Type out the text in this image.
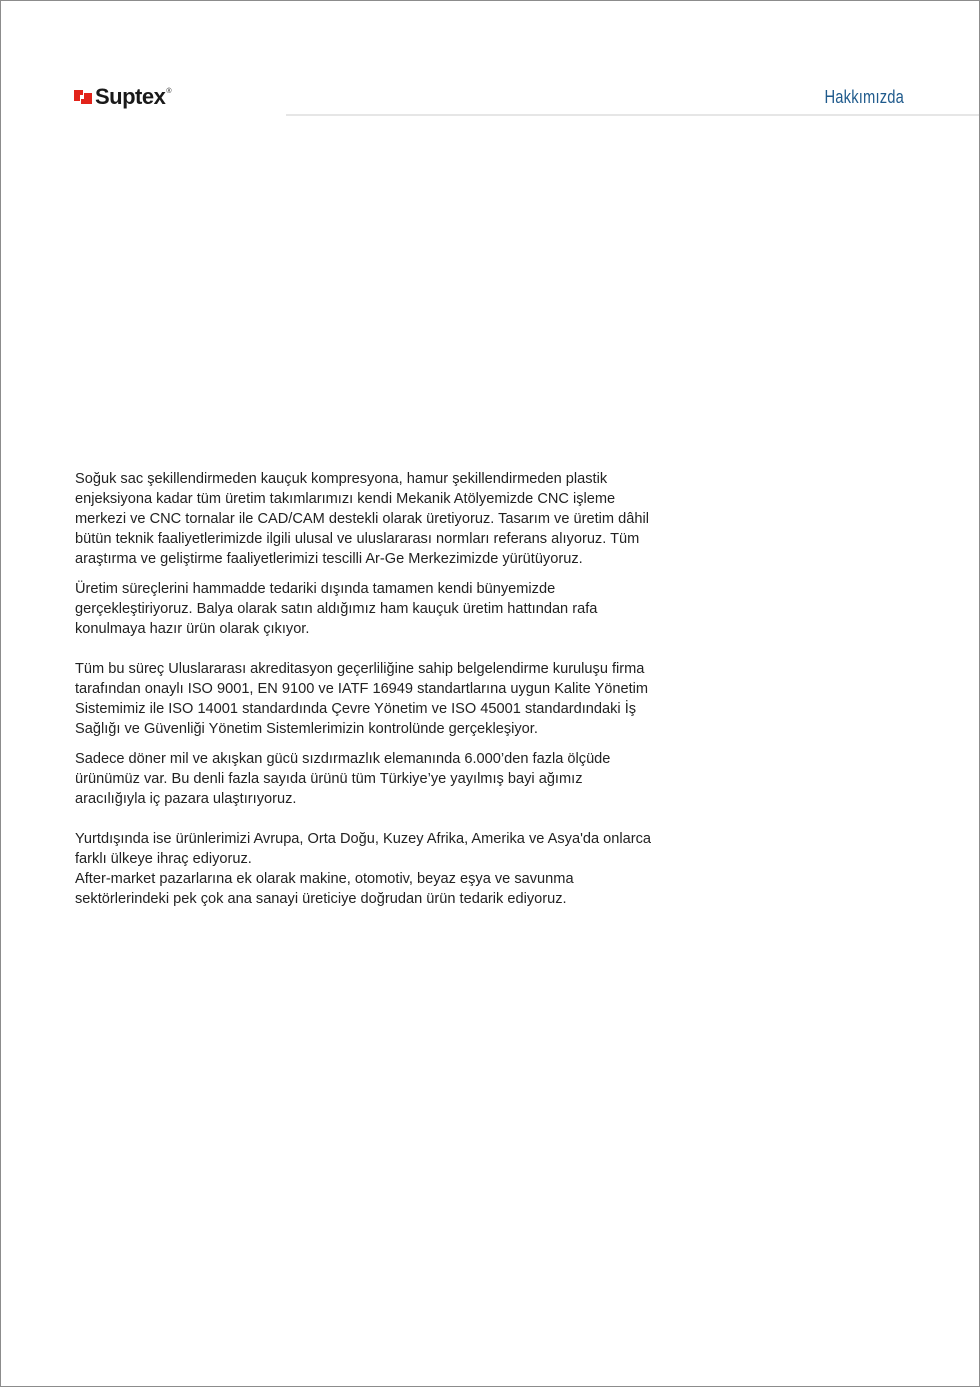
Suptex ®	Hakkımızda

Soğuk sac şekillendirmeden kauçuk kompresyona, hamur şekillendirmeden plastik enjeksiyona kadar tüm üretim takımlarımızı kendi Mekanik Atölyemizde CNC işleme merkezi ve CNC tornalar ile CAD/CAM destekli olarak üretiyoruz. Tasarım ve üretim dâhil bütün teknik faaliyetlerimizde ilgili ulusal ve uluslararası normları referans alıyoruz. Tüm araştırma ve geliştirme faaliyetlerimizi tescilli Ar-Ge Merkezimizde yürütüyoruz.

Üretim süreçlerini hammadde tedariki dışında tamamen kendi bünyemizde gerçekleştiriyoruz. Balya olarak satın aldığımız ham kauçuk üretim hattından rafa konulmaya hazır ürün olarak çıkıyor.

Tüm bu süreç Uluslararası akreditasyon geçerliliğine sahip belgelendirme kuruluşu firma tarafından onaylı ISO 9001, EN 9100 ve IATF 16949 standartlarına uygun Kalite Yönetim Sistemimiz ile ISO 14001 standardında Çevre Yönetim ve ISO 45001 standardındaki İş Sağlığı ve Güvenliği Yönetim Sistemlerimizin kontrolünde gerçekleşiyor.

Sadece döner mil ve akışkan gücü sızdırmazlık elemanında 6.000’den fazla ölçüde ürünümüz var. Bu denli fazla sayıda ürünü tüm Türkiye’ye yayılmış bayi ağımız aracılığıyla iç pazara ulaştırıyoruz.

Yurtdışında ise ürünlerimizi Avrupa, Orta Doğu, Kuzey Afrika, Amerika ve Asya'da onlarca farklı ülkeye ihraç ediyoruz.

After-market pazarlarına ek olarak makine, otomotiv, beyaz eşya ve savunma sektörlerindeki pek çok ana sanayi üreticiye doğrudan ürün tedarik ediyoruz.
